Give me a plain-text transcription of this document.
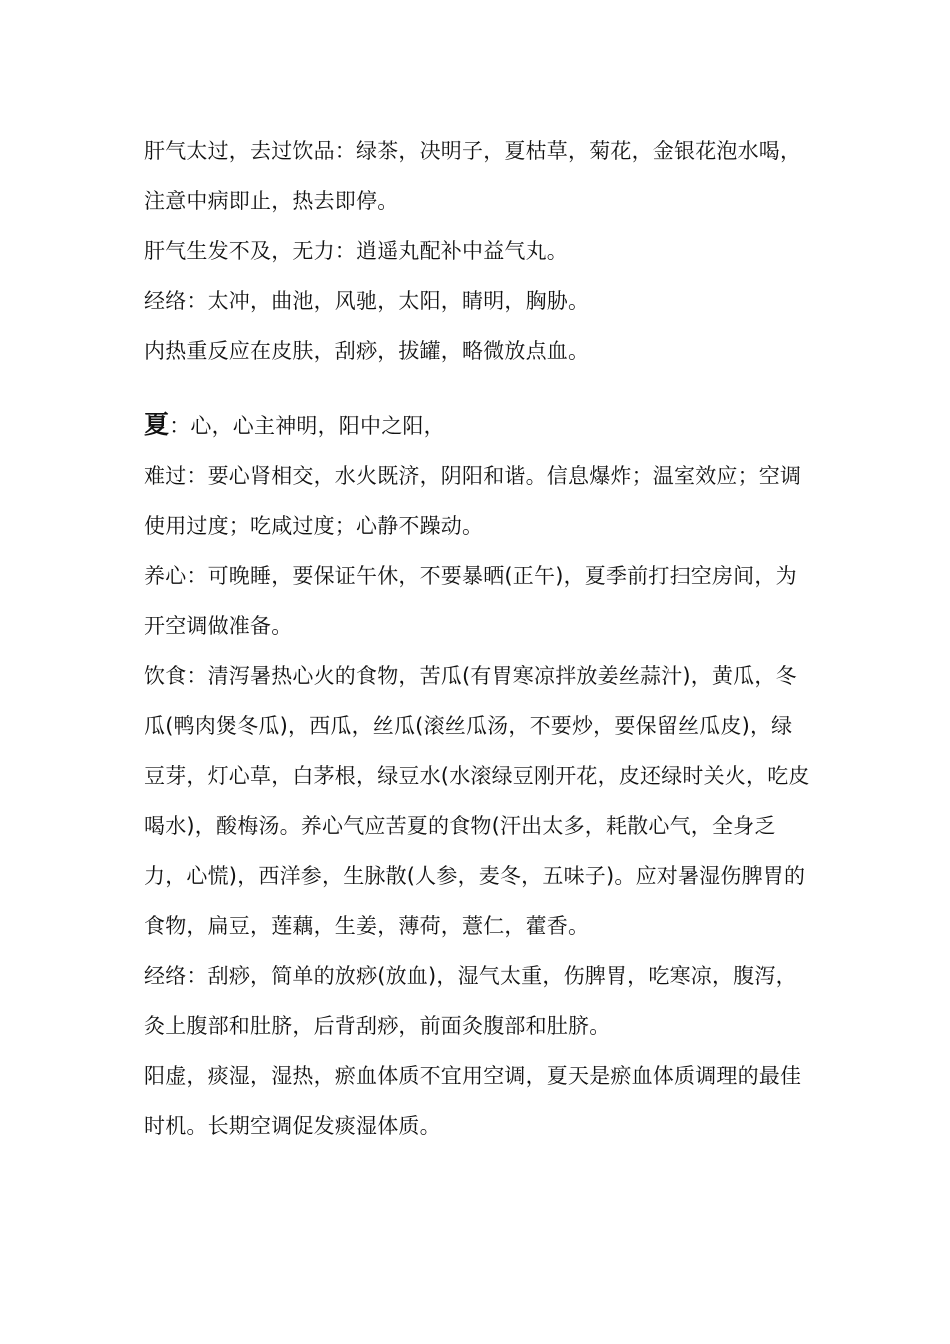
肝气太过，去过饮品：绿茶，决明子，夏枯草，菊花，金银花泡水喝，注意中病即止，热去即停。

肝气生发不及，无力：逍遥丸配补中益气丸。

经络：太冲，曲池，风驰，太阳，睛明，胸胁。

内热重反应在皮肤，刮痧，拔罐，略微放点血。

夏：心，心主神明，阳中之阳，

难过：要心肾相交，水火既济，阴阳和谐。信息爆炸；温室效应；空调使用过度；吃咸过度；心静不躁动。

养心：可晚睡，要保证午休，不要暴晒(正午)，夏季前打扫空房间，为开空调做准备。

饮食：清泻暑热心火的食物，苦瓜(有胃寒凉拌放姜丝蒜汁)，黄瓜，冬瓜(鸭肉煲冬瓜)，西瓜，丝瓜(滚丝瓜汤，不要炒，要保留丝瓜皮)，绿豆芽，灯心草，白茅根，绿豆水(水滚绿豆刚开花，皮还绿时关火，吃皮喝水)，酸梅汤。养心气应苦夏的食物(汗出太多，耗散心气，全身乏力，心慌)，西洋参，生脉散(人参，麦冬，五味子)。应对暑湿伤脾胃的食物，扁豆，莲藕，生姜，薄荷，薏仁，藿香。

经络：刮痧，简单的放痧(放血)，湿气太重，伤脾胃，吃寒凉，腹泻，灸上腹部和肚脐，后背刮痧，前面灸腹部和肚脐。

阳虚，痰湿，湿热，瘀血体质不宜用空调，夏天是瘀血体质调理的最佳时机。长期空调促发痰湿体质。
